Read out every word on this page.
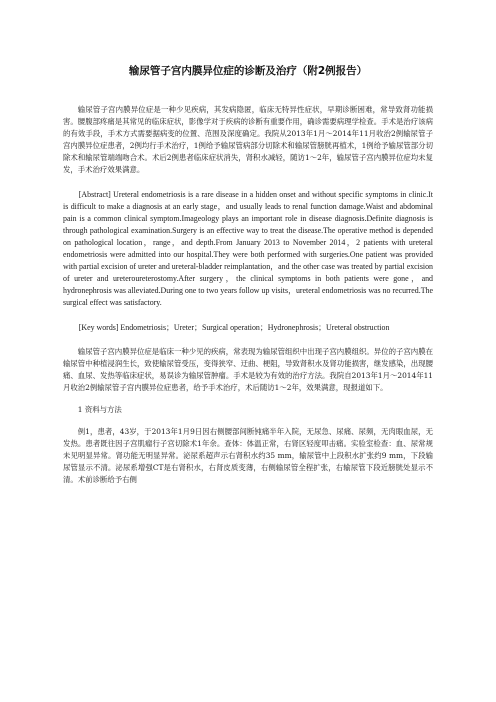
输尿管子宫内膜异位症的诊断及治疗（附2例报告）

输尿管子宫内膜异位症是一种少见疾病，其发病隐匿，临床无特异性症状，早期诊断困难，常导致肾功能损害。腰腹部疼痛是其常见的临床症状，影像学对于疾病的诊断有重要作用，确诊需要病理学检查。手术是治疗该病的有效手段，手术方式需要据病变的位置、范围及深度确定。我院从2013年1月～2014年11月收治2例输尿管子宫内膜异位症患者，2例均行手术治疗，1例给予输尿管病部分切除术和输尿管膀胱再植术，1例给予输尿管部分切除术和输尿管端端吻合术。术后2例患者临床症状消失，肾积水减轻，随访1～2年，输尿管子宫内膜异位症均未复发，手术治疗效果满意。

[Abstract] Ureteral endometriosis is a rare disease in a hidden onset and without specific symptoms in clinic.It is difficult to make a diagnosis at an early stage，and usually leads to renal function damage.Waist and abdominal pain is a common clinical symptom.Imageology plays an important role in disease diagnosis.Definite diagnosis is through pathological examination.Surgery is an effective way to treat the disease.The operative method is depended on pathological location，range，and depth.From January 2013 to November 2014，2 patients with ureteral endometriosis were admitted into our hospital.They were both performed with surgeries.One patient was provided with partial excision of ureter and ureteral-bladder reimplantation，and the other case was treated by partial excision of ureter and ureteroureterostomy.After surgery，the clinical symptoms in both patients were gone，and hydronephrosis was alleviated.During one to two years follow up visits，ureteral endometriosis was no recurred.The surgical effect was satisfactory.

[Key words] Endometriosis；Ureter；Surgical operation；Hydronephrosis；Ureteral obstruction

输尿管子宫内膜异位症是临床一种少见的疾病，常表现为输尿管组织中出现子宫内膜组织。异位的子宫内膜在输尿管中种植浸润生长，致使输尿管受压，变得狭窄、迂曲、梗阻，导致肾积水及肾功能损害，继发感染，出现腰痛、血尿、发热等临床症状，易误诊为输尿管肿瘤。手术是较为有效的治疗方法。我院自2013年1月～2014年11月收治2例输尿管子宫内膜异位症患者，给予手术治疗，术后随访1～2年，效果满意，现报道如下。

1 资料与方法

例1，患者，43岁，于2013年1月9日因右侧腰部间断钝痛半年入院，无尿急、尿痛、尿频，无肉眼血尿，无发热。患者既往因子宫肌瘤行子宫切除术1年余。查体：体温正常，右肾区轻度叩击痛。实验室检查：血、尿常规未见明显异常。肾功能无明显异常。泌尿系超声示右肾积水约35 mm，输尿管中上段积水扩张约9 mm，下段输尿管显示不清。泌尿系增强CT是右肾积水，右肾皮质变薄，右侧输尿管全程扩张，右输尿管下段近膀胱处显示不清。术前诊断给予右侧
